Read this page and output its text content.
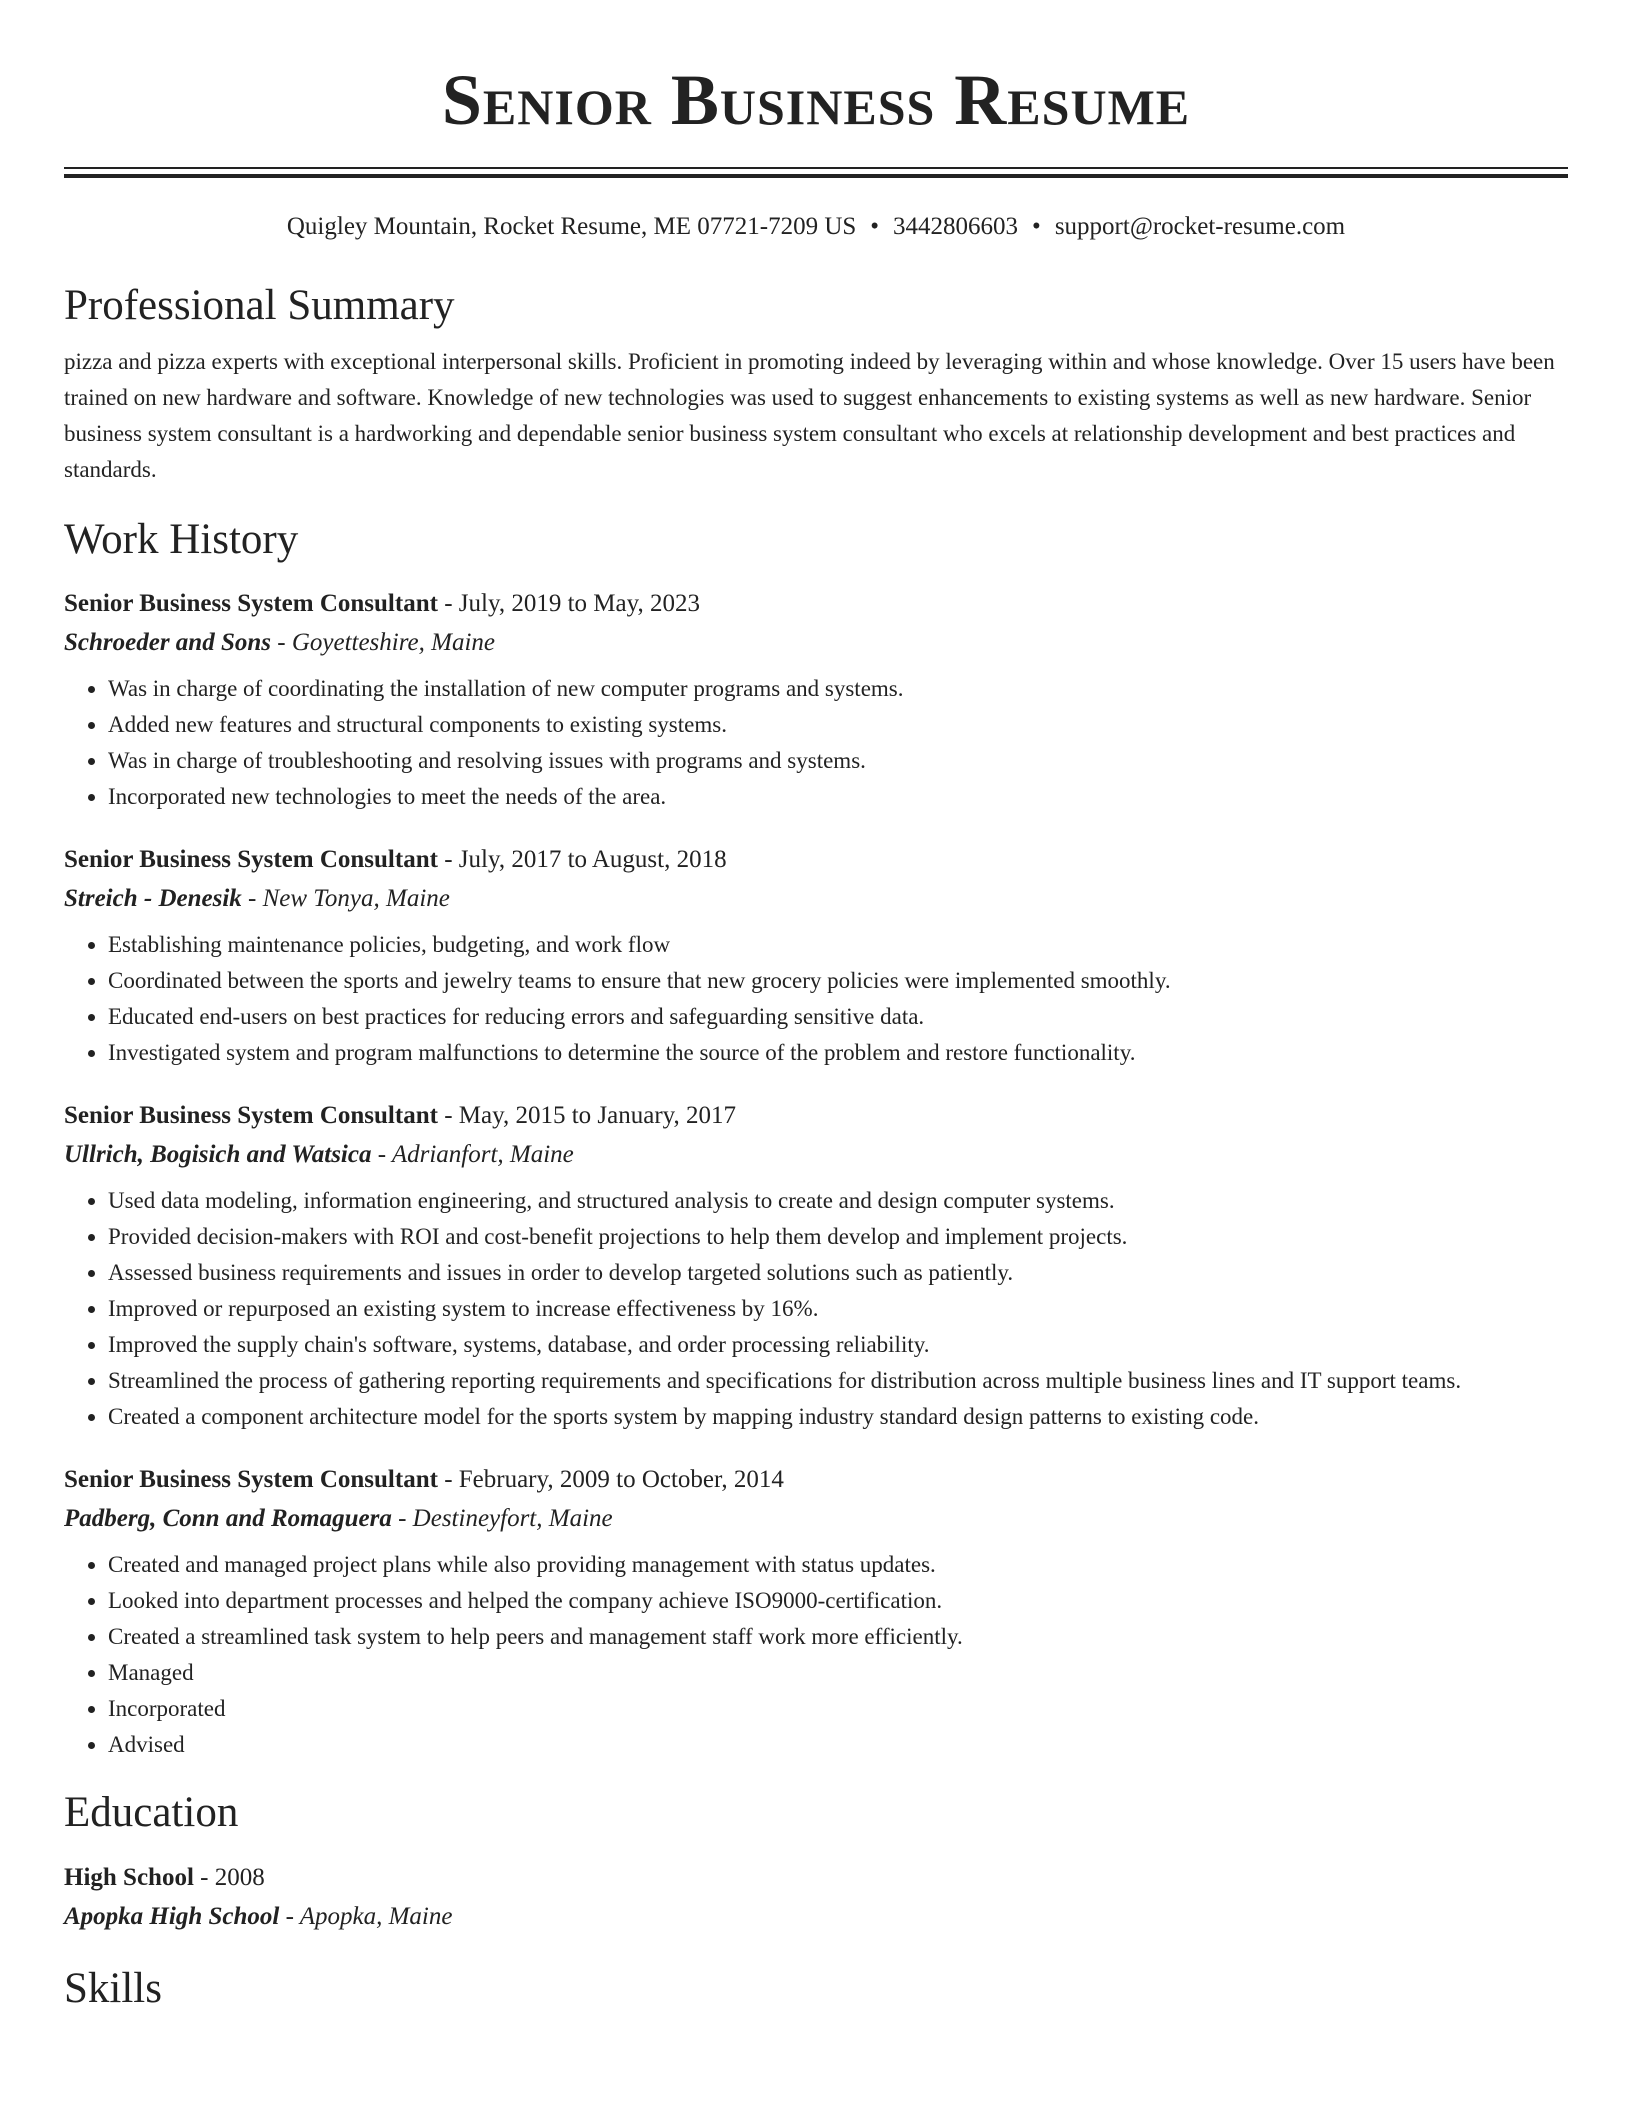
Senior Business Resume
Quigley Mountain, Rocket Resume, ME 07721-7209 US • 3442806603 • support@rocket-resume.com
Professional Summary

pizza and pizza experts with exceptional interpersonal skills. Proficient in promoting indeed by leveraging within and whose knowledge. Over 15 users have been trained on new hardware and software. Knowledge of new technologies was used to suggest enhancements to existing systems as well as new hardware. Senior business system consultant is a hardworking and dependable senior business system consultant who excels at relationship development and best practices and standards.

Work History
Senior Business System Consultant - July, 2019 to May, 2023
Schroeder and Sons - Goyetteshire, Maine
• Was in charge of coordinating the installation of new computer programs and systems.
• Added new features and structural components to existing systems.
• Was in charge of troubleshooting and resolving issues with programs and systems.
• Incorporated new technologies to meet the needs of the area.
Senior Business System Consultant - July, 2017 to August, 2018
Streich - Denesik - New Tonya, Maine
• Establishing maintenance policies, budgeting, and work flow
• Coordinated between the sports and jewelry teams to ensure that new grocery policies were implemented smoothly.
• Educated end-users on best practices for reducing errors and safeguarding sensitive data.
• Investigated system and program malfunctions to determine the source of the problem and restore functionality.
Senior Business System Consultant - May, 2015 to January, 2017
Ullrich, Bogisich and Watsica - Adrianfort, Maine
• Used data modeling, information engineering, and structured analysis to create and design computer systems.
• Provided decision-makers with ROI and cost-benefit projections to help them develop and implement projects.
• Assessed business requirements and issues in order to develop targeted solutions such as patiently.
• Improved or repurposed an existing system to increase effectiveness by 16%.
• Improved the supply chain's software, systems, database, and order processing reliability.
• Streamlined the process of gathering reporting requirements and specifications for distribution across multiple business lines and IT support teams.
• Created a component architecture model for the sports system by mapping industry standard design patterns to existing code.
Senior Business System Consultant - February, 2009 to October, 2014
Padberg, Conn and Romaguera - Destineyfort, Maine
• Created and managed project plans while also providing management with status updates.
• Looked into department processes and helped the company achieve ISO9000-certification.
• Created a streamlined task system to help peers and management staff work more efficiently.
• Managed
• Incorporated
• Advised
Education
High School - 2008
Apopka High School - Apopka, Maine
Skills
